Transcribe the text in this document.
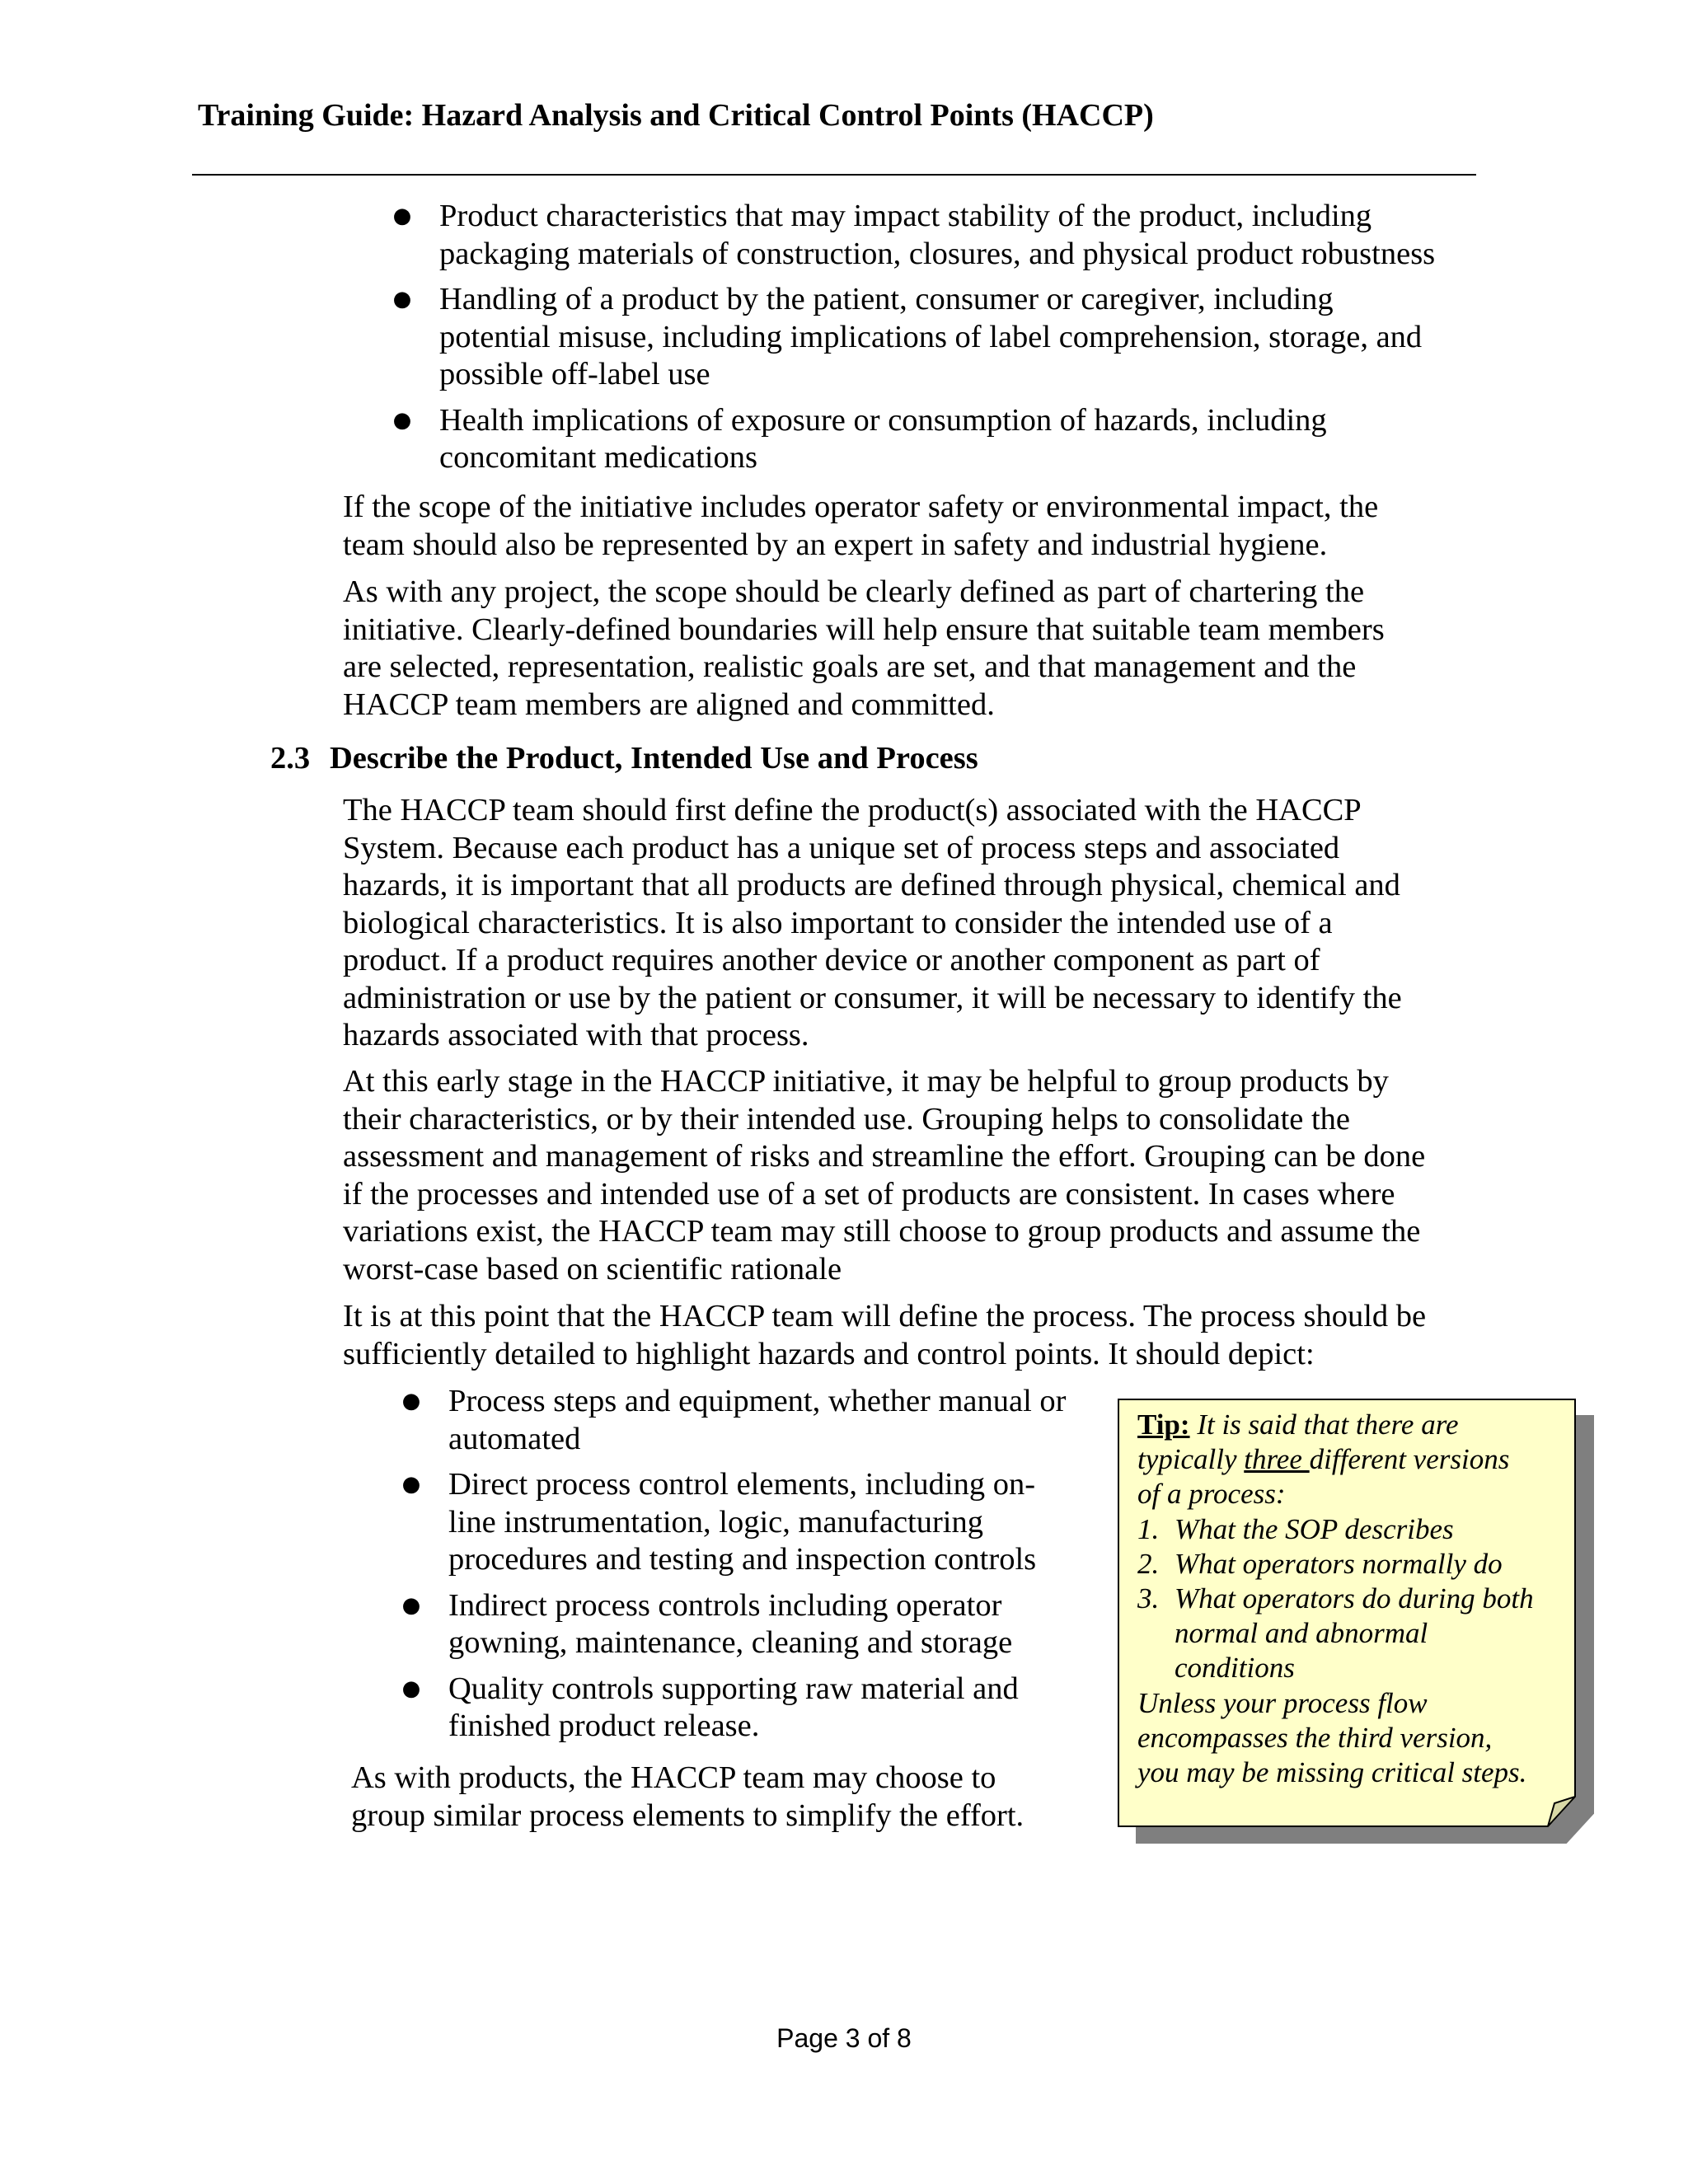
Training Guide: Hazard Analysis and Critical Control Points (HACCP)
● Product characteristics that may impact stability of the product, including
packaging materials of construction, closures, and physical product robustness
● Handling of a product by the patient, consumer or caregiver, including
potential misuse, including implications of label comprehension, storage, and
possible off-label use
● Health implications of exposure or consumption of hazards, including
concomitant medications
If the scope of the initiative includes operator safety or environmental impact, the
team should also be represented by an expert in safety and industrial hygiene.
As with any project, the scope should be clearly defined as part of chartering the
initiative. Clearly-defined boundaries will help ensure that suitable team members
are selected, representation, realistic goals are set, and that management and the
HACCP team members are aligned and committed.
2.3 Describe the Product, Intended Use and Process
The HACCP team should first define the product(s) associated with the HACCP
System. Because each product has a unique set of process steps and associated
hazards, it is important that all products are defined through physical, chemical and
biological characteristics. It is also important to consider the intended use of a
product. If a product requires another device or another component as part of
administration or use by the patient or consumer, it will be necessary to identify the
hazards associated with that process.
At this early stage in the HACCP initiative, it may be helpful to group products by
their characteristics, or by their intended use. Grouping helps to consolidate the
assessment and management of risks and streamline the effort. Grouping can be done
if the processes and intended use of a set of products are consistent. In cases where
variations exist, the HACCP team may still choose to group products and assume the
worst-case based on scientific rationale
It is at this point that the HACCP team will define the process. The process should be
sufficiently detailed to highlight hazards and control points. It should depict:
● Process steps and equipment, whether manual or
automated
● Direct process control elements, including on-
line instrumentation, logic, manufacturing
procedures and testing and inspection controls
● Indirect process controls including operator
gowning, maintenance, cleaning and storage
● Quality controls supporting raw material and
finished product release.
As with products, the HACCP team may choose to
group similar process elements to simplify the effort.

Tip: It is said that there are

typically three different versions

of a process:

1. What the SOP describes
2. What operators normally do
3. What operators do during both
normal and abnormal
conditions

Unless your process flow

encompasses the third version,

you may be missing critical steps.

Page 3 of 8
